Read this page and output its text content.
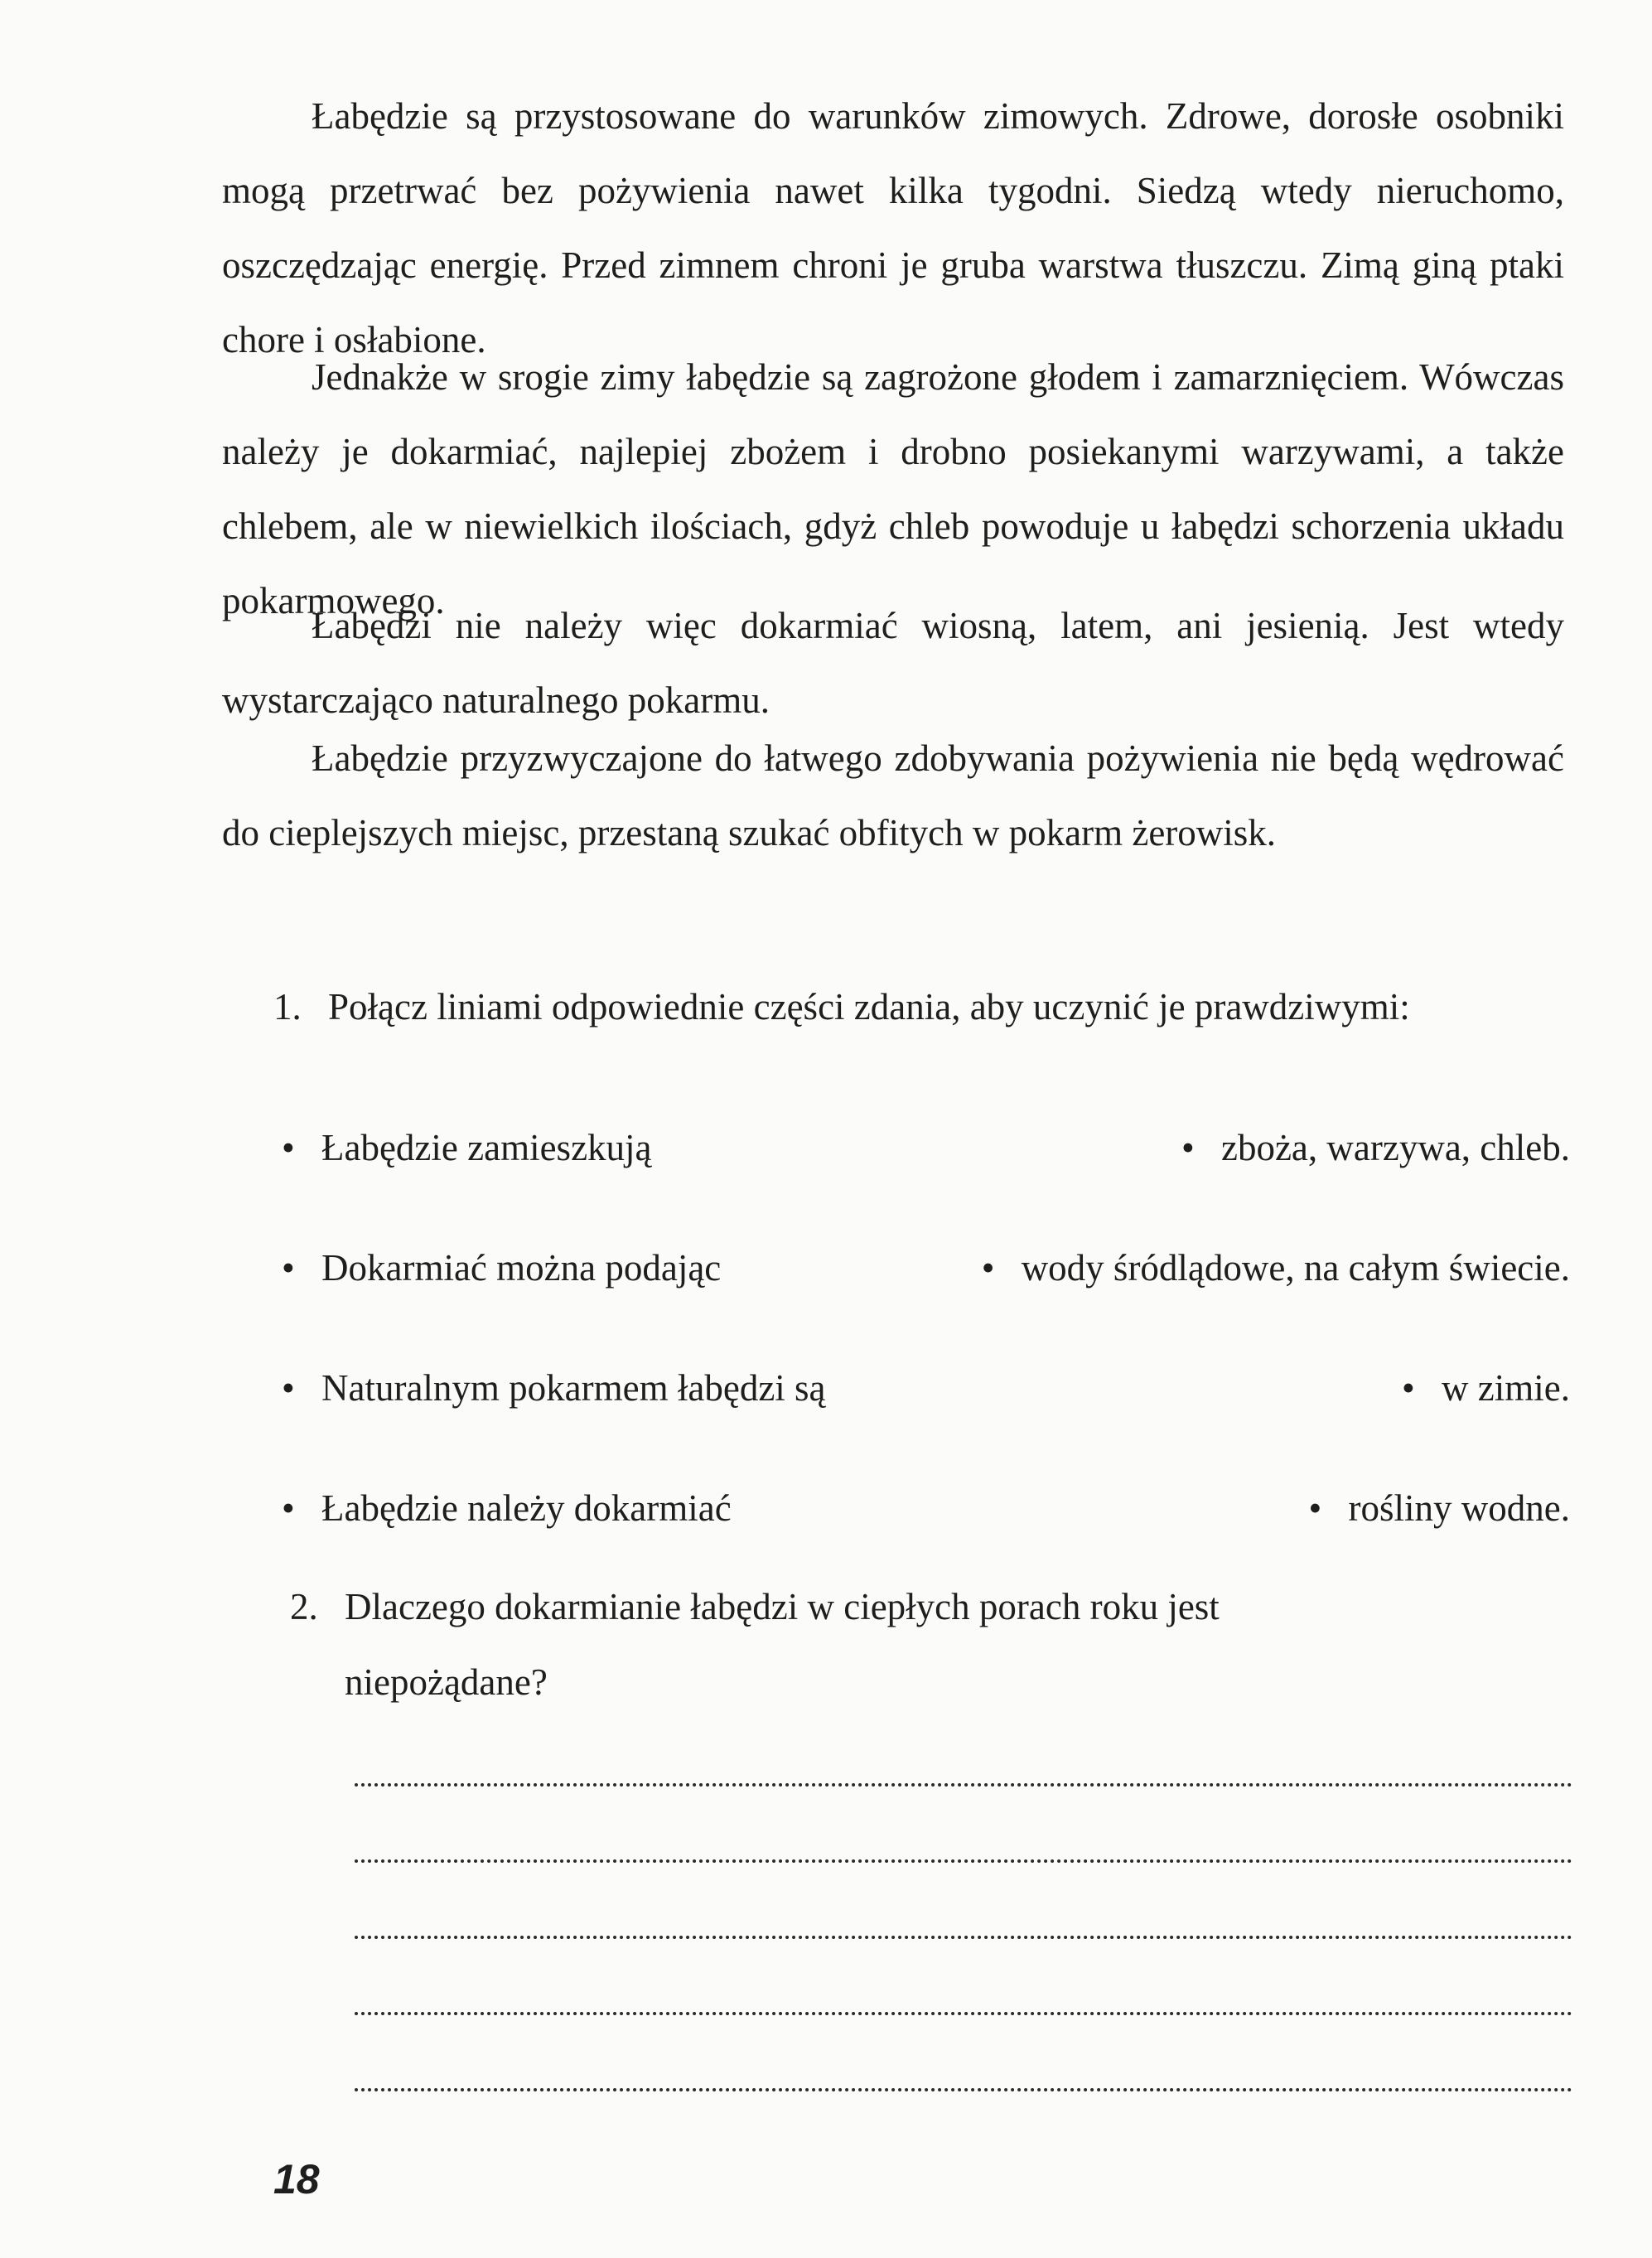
Łabędzie są przystosowane do warunków zimowych. Zdrowe, dorosłe osobniki mogą przetrwać bez pożywienia nawet kilka tygodni. Siedzą wtedy nieruchomo, oszczędzając energię. Przed zimnem chroni je gruba warstwa tłuszczu. Zimą giną ptaki chore i osłabione.

Jednakże w srogie zimy łabędzie są zagrożone głodem i zamarznięciem. Wówczas należy je dokarmiać, najlepiej zbożem i drobno posiekanymi warzywami, a także chlebem, ale w niewielkich ilościach, gdyż chleb powoduje u łabędzi schorzenia układu pokarmowego.

Łabędzi nie należy więc dokarmiać wiosną, latem, ani jesienią. Jest wtedy wystarczająco naturalnego pokarmu.

Łabędzie przyzwyczajone do łatwego zdobywania pożywienia nie będą wędrować do cieplejszych miejsc, przestaną szukać obfitych w pokarm żerowisk.

1. Połącz liniami odpowiednie części zdania, aby uczynić je prawdziwymi:

• Łabędzie zamieszkują	• zboża, warzywa, chleb.
• Dokarmiać można podając	• wody śródlądowe, na całym świecie.
• Naturalnym pokarmem łabędzi są	• w zimie.
• Łabędzie należy dokarmiać	• rośliny wodne.

2. Dlaczego dokarmianie łabędzi w ciepłych porach roku jest

niepożądane?
18
